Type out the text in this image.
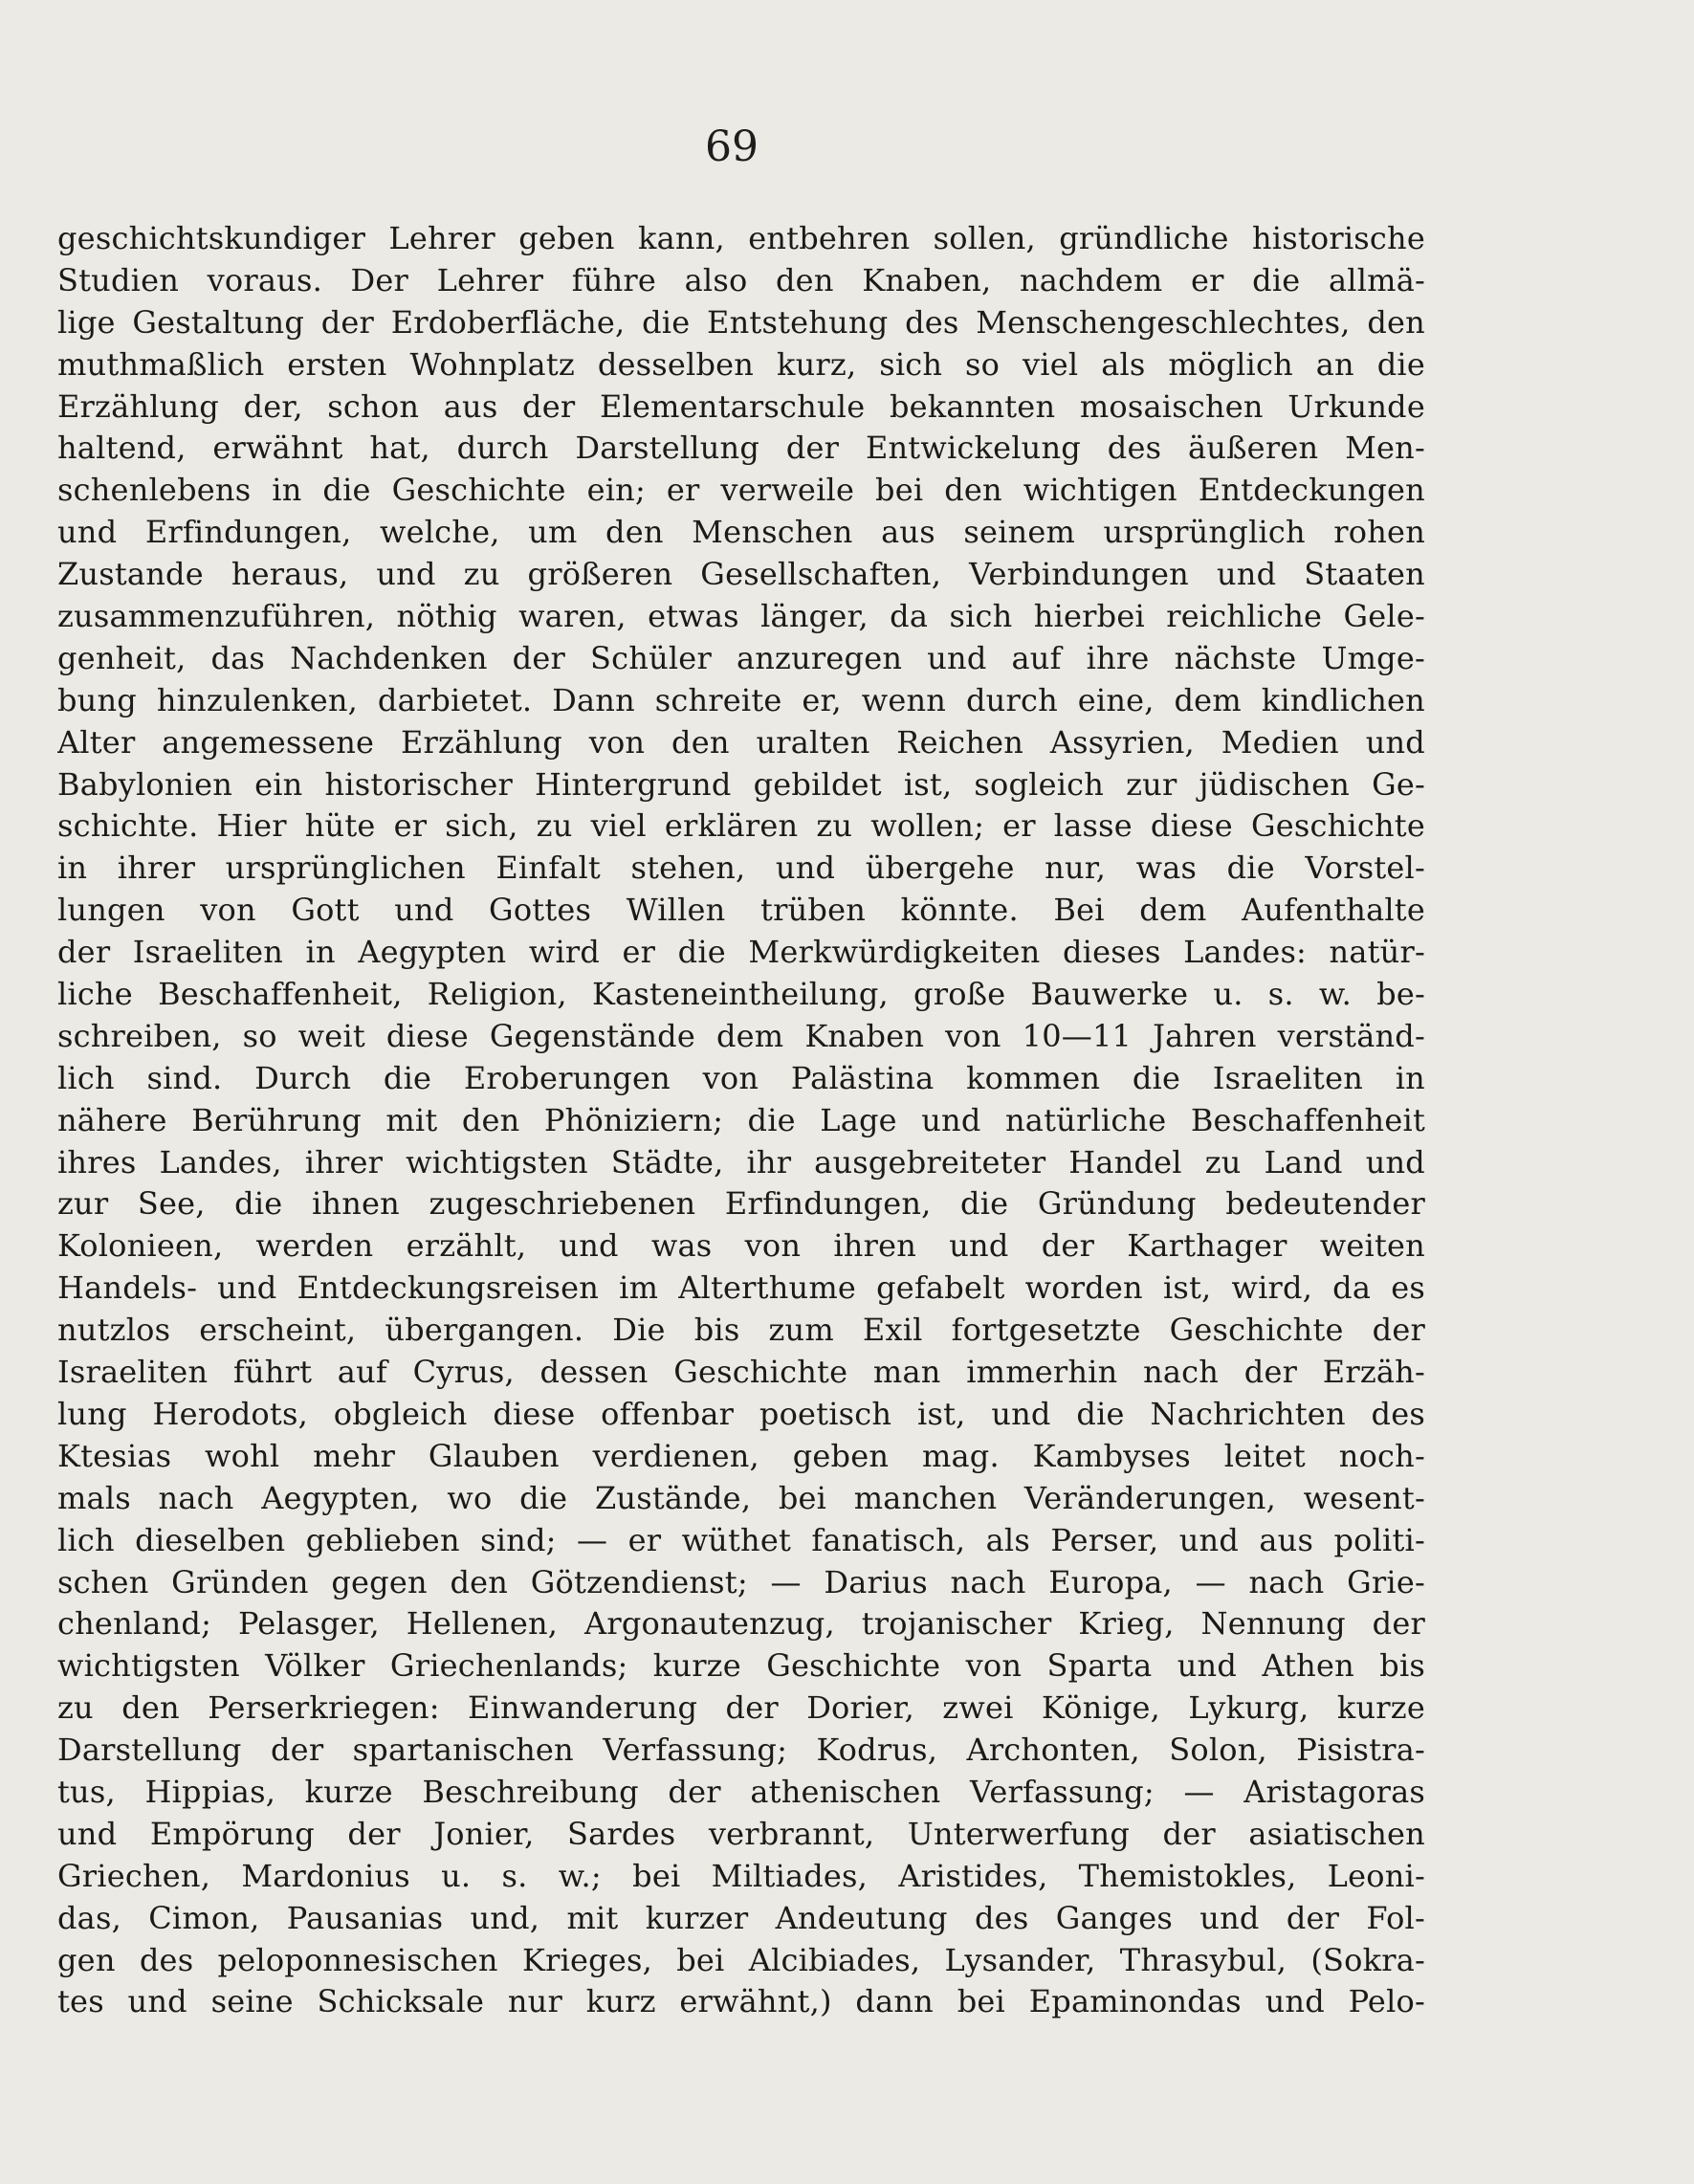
69
geschichtskundiger Lehrer geben kann, entbehren sollen, gründliche historische
Studien voraus. Der Lehrer führe also den Knaben, nachdem er die allmä-
lige Gestaltung der Erdoberfläche, die Entstehung des Menschengeschlechtes, den
muthmaßlich ersten Wohnplatz desselben kurz, sich so viel als möglich an die
Erzählung der, schon aus der Elementarschule bekannten mosaischen Urkunde
haltend, erwähnt hat, durch Darstellung der Entwickelung des äußeren Men-
schenlebens in die Geschichte ein; er verweile bei den wichtigen Entdeckungen
und Erfindungen, welche, um den Menschen aus seinem ursprünglich rohen
Zustande heraus, und zu größeren Gesellschaften, Verbindungen und Staaten
zusammenzuführen, nöthig waren, etwas länger, da sich hierbei reichliche Gele-
genheit, das Nachdenken der Schüler anzuregen und auf ihre nächste Umge-
bung hinzulenken, darbietet. Dann schreite er, wenn durch eine, dem kindlichen
Alter angemessene Erzählung von den uralten Reichen Assyrien, Medien und
Babylonien ein historischer Hintergrund gebildet ist, sogleich zur jüdischen Ge-
schichte. Hier hüte er sich, zu viel erklären zu wollen; er lasse diese Geschichte
in ihrer ursprünglichen Einfalt stehen, und übergehe nur, was die Vorstel-
lungen von Gott und Gottes Willen trüben könnte. Bei dem Aufenthalte
der Israeliten in Aegypten wird er die Merkwürdigkeiten dieses Landes: natür-
liche Beschaffenheit, Religion, Kasteneintheilung, große Bauwerke u. s. w. be-
schreiben, so weit diese Gegenstände dem Knaben von 10—11 Jahren verständ-
lich sind. Durch die Eroberungen von Palästina kommen die Israeliten in
nähere Berührung mit den Phöniziern; die Lage und natürliche Beschaffenheit
ihres Landes, ihrer wichtigsten Städte, ihr ausgebreiteter Handel zu Land und
zur See, die ihnen zugeschriebenen Erfindungen, die Gründung bedeutender
Kolonieen, werden erzählt, und was von ihren und der Karthager weiten
Handels- und Entdeckungsreisen im Alterthume gefabelt worden ist, wird, da es
nutzlos erscheint, übergangen. Die bis zum Exil fortgesetzte Geschichte der
Israeliten führt auf Cyrus, dessen Geschichte man immerhin nach der Erzäh-
lung Herodots, obgleich diese offenbar poetisch ist, und die Nachrichten des
Ktesias wohl mehr Glauben verdienen, geben mag. Kambyses leitet noch-
mals nach Aegypten, wo die Zustände, bei manchen Veränderungen, wesent-
lich dieselben geblieben sind; — er wüthet fanatisch, als Perser, und aus politi-
schen Gründen gegen den Götzendienst; — Darius nach Europa, — nach Grie-
chenland; Pelasger, Hellenen, Argonautenzug, trojanischer Krieg, Nennung der
wichtigsten Völker Griechenlands; kurze Geschichte von Sparta und Athen bis
zu den Perserkriegen: Einwanderung der Dorier, zwei Könige, Lykurg, kurze
Darstellung der spartanischen Verfassung; Kodrus, Archonten, Solon, Pisistra-
tus, Hippias, kurze Beschreibung der athenischen Verfassung; — Aristagoras
und Empörung der Jonier, Sardes verbrannt, Unterwerfung der asiatischen
Griechen, Mardonius u. s. w.; bei Miltiades, Aristides, Themistokles, Leoni-
das, Cimon, Pausanias und, mit kurzer Andeutung des Ganges und der Fol-
gen des peloponnesischen Krieges, bei Alcibiades, Lysander, Thrasybul, (Sokra-
tes und seine Schicksale nur kurz erwähnt,) dann bei Epaminondas und Pelo-
